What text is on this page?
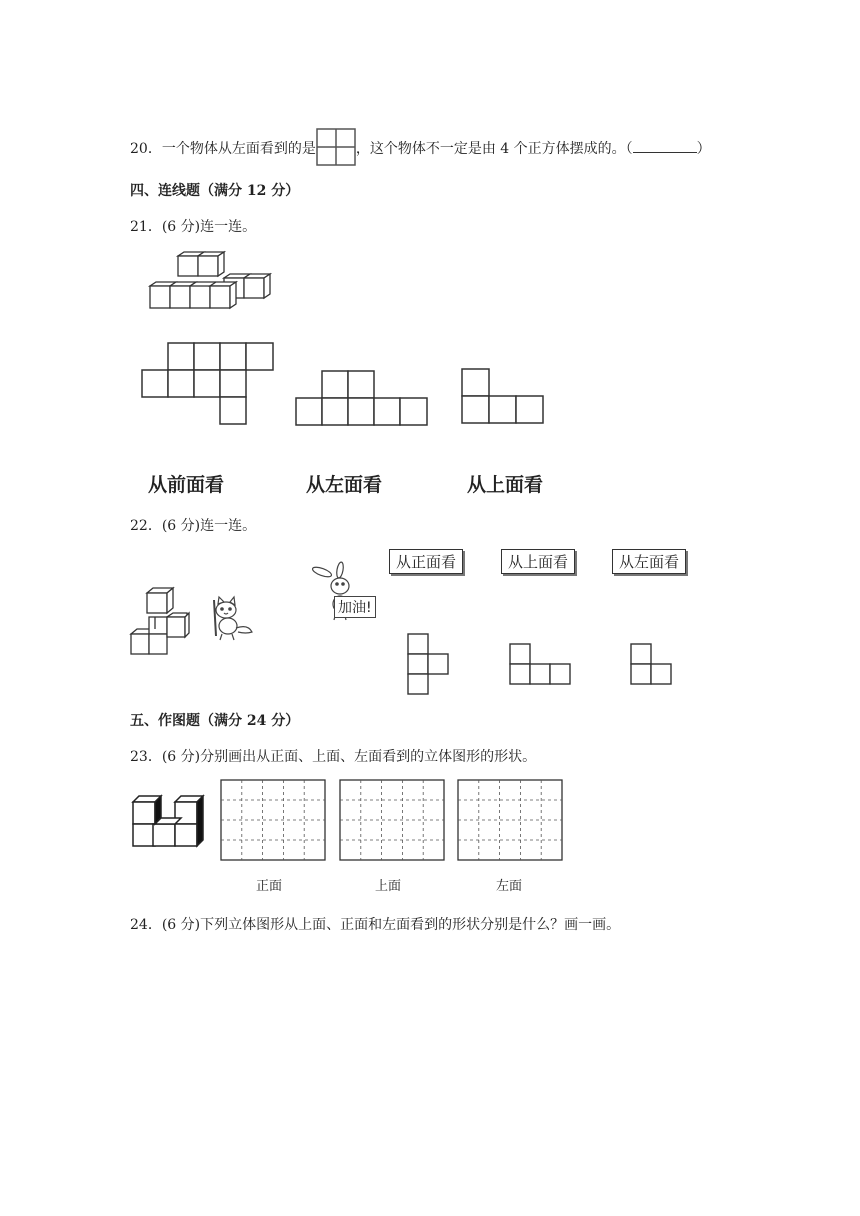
20．一个物体从左面看到的是	，这个物体不一定是由 4 个正方体摆成的。（	）
四、连线题（满分 12 分）
21．(6 分)连一连。
从前面看	从左面看	从上面看
22．(6 分)连一连。
加油!
从正面看	从上面看	从左面看
五、作图题（满分 24 分）
23．(6 分)分别画出从正面、上面、左面看到的立体图形的形状。
正面	上面	左面
24．(6 分)下列立体图形从上面、正面和左面看到的形状分别是什么？画一画。
